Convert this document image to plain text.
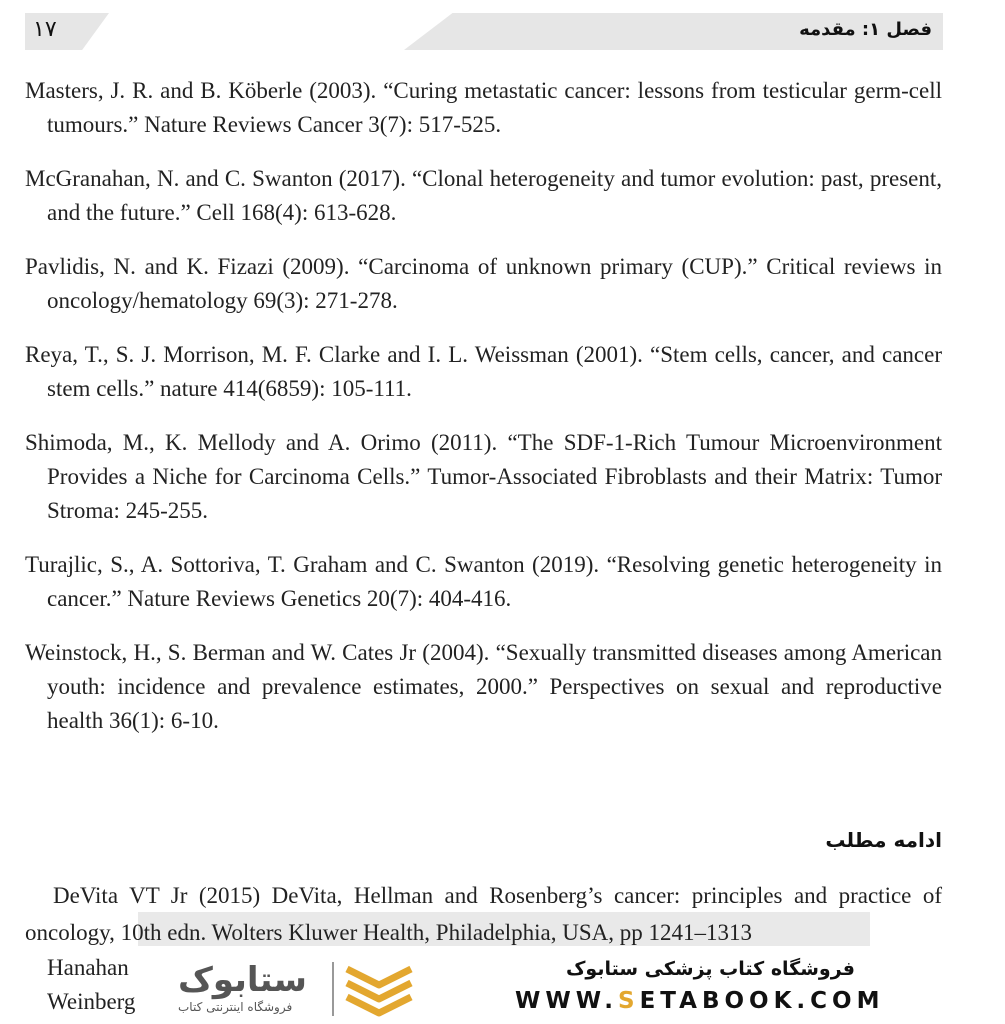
۱۷	فصل ۱: مقدمه

Masters, J. R. and B. Köberle (2003). “Curing metastatic cancer: lessons from testicular germ-cell tumours.” Nature Reviews Cancer 3(7): 517-525.

McGranahan, N. and C. Swanton (2017). “Clonal heterogeneity and tumor evolution: past, present, and the future.” Cell 168(4): 613-628.

Pavlidis, N. and K. Fizazi (2009). “Carcinoma of unknown primary (CUP).” Critical reviews in oncology/hematology 69(3): 271-278.

Reya, T., S. J. Morrison, M. F. Clarke and I. L. Weissman (2001). “Stem cells, cancer, and cancer stem cells.” nature 414(6859): 105-111.

Shimoda, M., K. Mellody and A. Orimo (2011). “The SDF-1-Rich Tumour Microenvironment Provides a Niche for Carcinoma Cells.” Tumor-Associated Fibroblasts and their Matrix: Tumor Stroma: 245-255.

Turajlic, S., A. Sottoriva, T. Graham and C. Swanton (2019). “Resolving genetic heterogeneity in cancer.” Nature Reviews Genetics 20(7): 404-416.

Weinstock, H., S. Berman and W. Cates Jr (2004). “Sexually transmitted diseases among American youth: incidence and prevalence estimates, 2000.” Perspectives on sexual and reproductive health 36(1): 6-10.

ادامه مطلب

DeVita VT Jr (2015) DeVita, Hellman and Rosenberg’s cancer: principles and practice of oncology, 10th edn. Wolters Kluwer Health, Philadelphia, USA, pp 1241–1313

Hanahan
Weinberg
ستابوک
فروشگاه اینترنتی کتاب
فروشگاه کتاب پزشکی ستابوک
WWW.SETABOOK.COM
